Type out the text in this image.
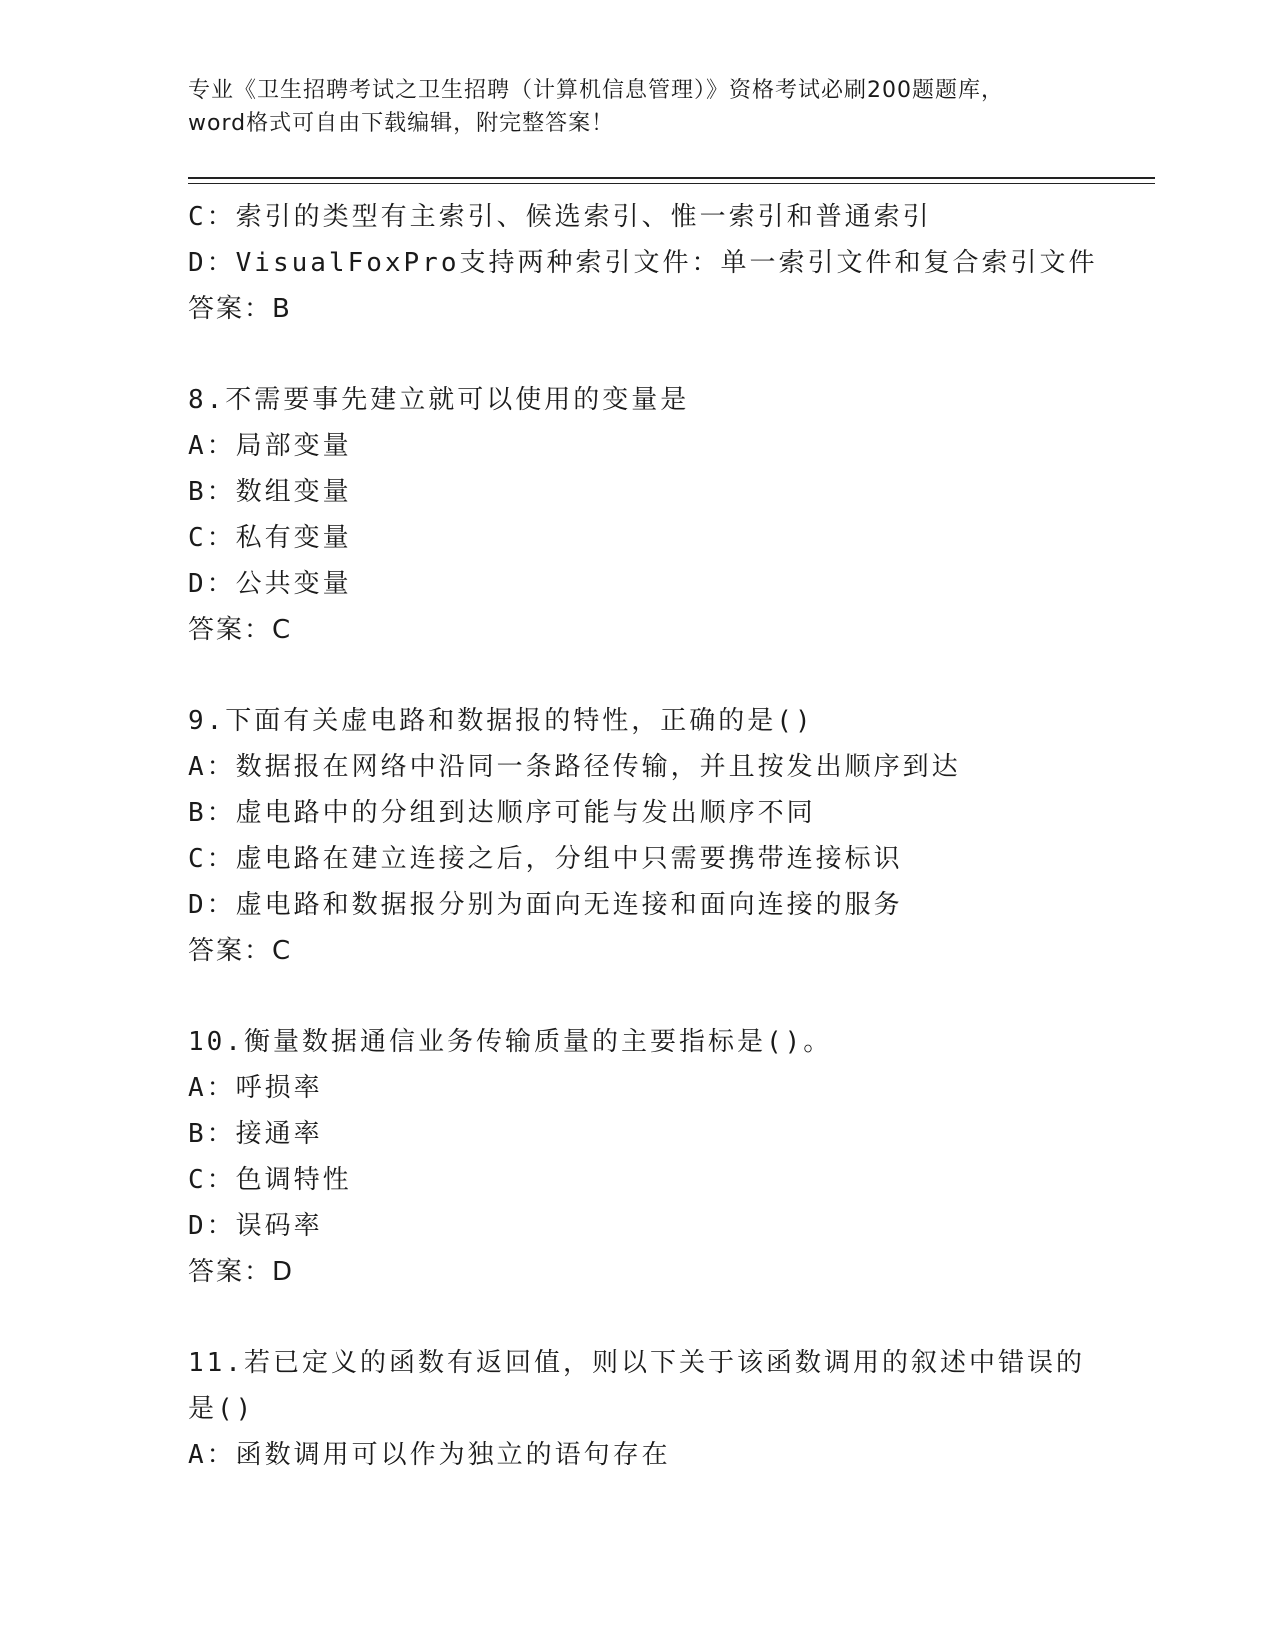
专业《卫生招聘考试之卫生招聘（计算机信息管理）》资格考试必刷200题题库，
word格式可自由下载编辑，附完整答案！
C：索引的类型有主索引、候选索引、惟一索引和普通索引
D：VisualFoxPro支持两种索引文件：单一索引文件和复合索引文件
答案：B
8.不需要事先建立就可以使用的变量是
A：局部变量
B：数组变量
C：私有变量
D：公共变量
答案：C
9.下面有关虚电路和数据报的特性，正确的是()
A：数据报在网络中沿同一条路径传输，并且按发出顺序到达
B：虚电路中的分组到达顺序可能与发出顺序不同
C：虚电路在建立连接之后，分组中只需要携带连接标识
D：虚电路和数据报分别为面向无连接和面向连接的服务
答案：C
10.衡量数据通信业务传输质量的主要指标是()。
A：呼损率
B：接通率
C：色调特性
D：误码率
答案：D
11.若已定义的函数有返回值，则以下关于该函数调用的叙述中错误的
是()
A：函数调用可以作为独立的语句存在
